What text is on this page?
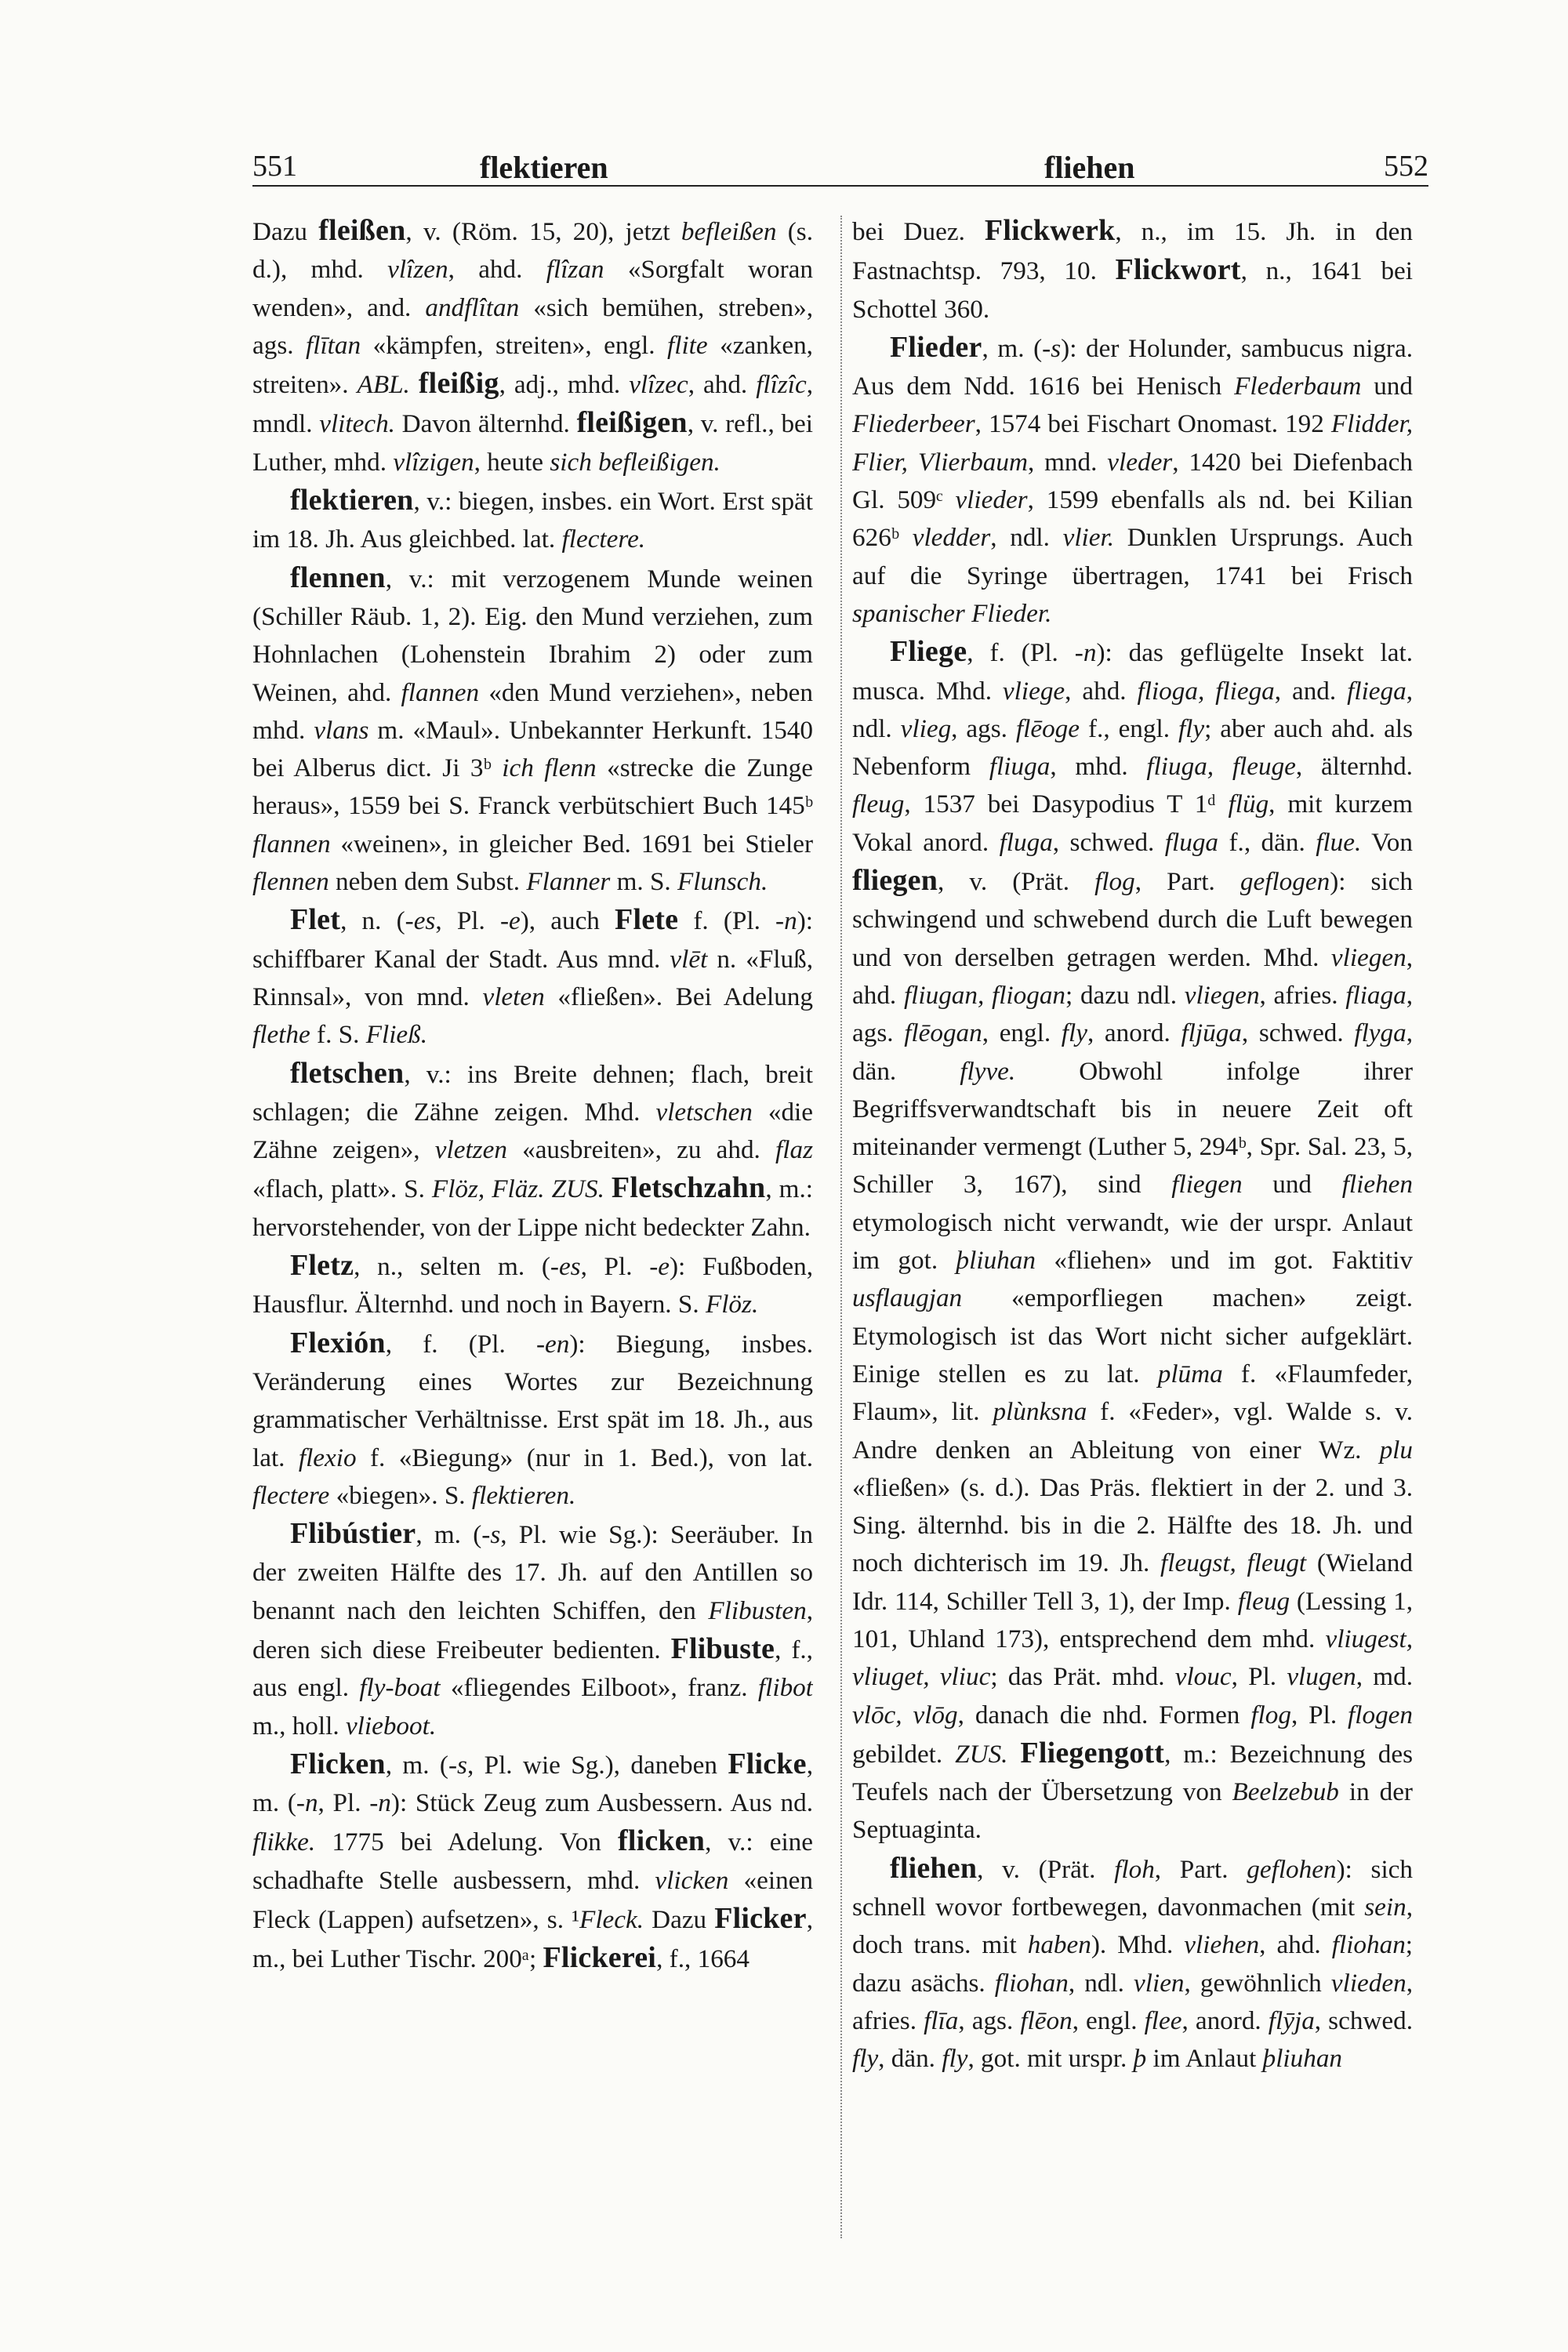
551	flektieren	fliehen	552

Dazu fleißen, v. (Röm. 15, 20), jetzt befleißen (s. d.), mhd. vlîzen, ahd. flîzan «Sorgfalt woran wenden», and. andflîtan «sich bemühen, streben», ags. flītan «kämpfen, streiten», engl. flite «zanken, streiten». ABL. fleißig, adj., mhd. vlîzec, ahd. flîzîc, mndl. vlitech. Davon älternhd. fleißigen, v. refl., bei Luther, mhd. vlîzigen, heute sich befleißigen.

flektieren, v.: biegen, insbes. ein Wort. Erst spät im 18. Jh. Aus gleichbed. lat. flectere.

flennen, v.: mit verzogenem Munde weinen (Schiller Räub. 1, 2). Eig. den Mund verziehen, zum Hohnlachen (Lohenstein Ibrahim 2) oder zum Weinen, ahd. flannen «den Mund verziehen», neben mhd. vlans m. «Maul». Unbekannter Herkunft. 1540 bei Alberus dict. Ji 3ᵇ ich flenn «strecke die Zunge heraus», 1559 bei S. Franck verbütschiert Buch 145ᵇ flannen «weinen», in gleicher Bed. 1691 bei Stieler flennen neben dem Subst. Flanner m. S. Flunsch.

Flet, n. (-es, Pl. -e), auch Flete f. (Pl. -n): schiffbarer Kanal der Stadt. Aus mnd. vlēt n. «Fluß, Rinnsal», von mnd. vleten «fließen». Bei Adelung flethe f. S. Fließ.

fletschen, v.: ins Breite dehnen; flach, breit schlagen; die Zähne zeigen. Mhd. vletschen «die Zähne zeigen», vletzen «ausbreiten», zu ahd. flaz «flach, platt». S. Flöz, Fläz. ZUS. Fletschzahn, m.: hervorstehender, von der Lippe nicht bedeckter Zahn.

Fletz, n., selten m. (-es, Pl. -e): Fußboden, Hausflur. Älternhd. und noch in Bayern. S. Flöz.

Flexión, f. (Pl. -en): Biegung, insbes. Veränderung eines Wortes zur Bezeichnung grammatischer Verhältnisse. Erst spät im 18. Jh., aus lat. flexio f. «Biegung» (nur in 1. Bed.), von lat. flectere «biegen». S. flektieren.

Flibústier, m. (-s, Pl. wie Sg.): Seeräuber. In der zweiten Hälfte des 17. Jh. auf den Antillen so benannt nach den leichten Schiffen, den Flibusten, deren sich diese Freibeuter bedienten. Flibuste, f., aus engl. fly-boat «fliegendes Eilboot», franz. flibot m., holl. vlieboot.

Flicken, m. (-s, Pl. wie Sg.), daneben Flicke, m. (-n, Pl. -n): Stück Zeug zum Ausbessern. Aus nd. flikke. 1775 bei Adelung. Von flicken, v.: eine schadhafte Stelle ausbessern, mhd. vlicken «einen Fleck (Lappen) aufsetzen», s. ¹Fleck. Dazu Flicker, m., bei Luther Tischr. 200ᵃ; Flickerei, f., 1664

bei Duez. Flickwerk, n., im 15. Jh. in den Fastnachtsp. 793, 10. Flickwort, n., 1641 bei Schottel 360.

Flieder, m. (-s): der Holunder, sambucus nigra. Aus dem Ndd. 1616 bei Henisch Flederbaum und Fliederbeer, 1574 bei Fischart Onomast. 192 Flidder, Flier, Vlierbaum, mnd. vleder, 1420 bei Diefenbach Gl. 509ᶜ vlieder, 1599 ebenfalls als nd. bei Kilian 626ᵇ vledder, ndl. vlier. Dunklen Ursprungs. Auch auf die Syringe übertragen, 1741 bei Frisch spanischer Flieder.

Fliege, f. (Pl. -n): das geflügelte Insekt lat. musca. Mhd. vliege, ahd. flioga, fliega, and. fliega, ndl. vlieg, ags. flēoge f., engl. fly; aber auch ahd. als Nebenform fliuga, mhd. fliuga, fleuge, älternhd. fleug, 1537 bei Dasypodius T 1ᵈ flüg, mit kurzem Vokal anord. fluga, schwed. fluga f., dän. flue. Von fliegen, v. (Prät. flog, Part. geflogen): sich schwingend und schwebend durch die Luft bewegen und von derselben getragen werden. Mhd. vliegen, ahd. fliugan, fliogan; dazu ndl. vliegen, afries. fliaga, ags. flēogan, engl. fly, anord. fljūga, schwed. flyga, dän. flyve. Obwohl infolge ihrer Begriffsverwandtschaft bis in neuere Zeit oft miteinander vermengt (Luther 5, 294ᵇ, Spr. Sal. 23, 5, Schiller 3, 167), sind fliegen und fliehen etymologisch nicht verwandt, wie der urspr. Anlaut im got. þliuhan «fliehen» und im got. Faktitiv usflaugjan «emporfliegen machen» zeigt. Etymologisch ist das Wort nicht sicher aufgeklärt. Einige stellen es zu lat. plūma f. «Flaumfeder, Flaum», lit. plùnksna f. «Feder», vgl. Walde s. v. Andre denken an Ableitung von einer Wz. plu «fließen» (s. d.). Das Präs. flektiert in der 2. und 3. Sing. älternhd. bis in die 2. Hälfte des 18. Jh. und noch dichterisch im 19. Jh. fleugst, fleugt (Wieland Idr. 114, Schiller Tell 3, 1), der Imp. fleug (Lessing 1, 101, Uhland 173), entsprechend dem mhd. vliugest, vliuget, vliuc; das Prät. mhd. vlouc, Pl. vlugen, md. vlōc, vlōg, danach die nhd. Formen flog, Pl. flogen gebildet. ZUS. Fliegengott, m.: Bezeichnung des Teufels nach der Übersetzung von Beelzebub in der Septuaginta.

fliehen, v. (Prät. floh, Part. geflohen): sich schnell wovor fortbewegen, davonmachen (mit sein, doch trans. mit haben). Mhd. vliehen, ahd. fliohan; dazu asächs. fliohan, ndl. vlien, gewöhnlich vlieden, afries. flīa, ags. flēon, engl. flee, anord. flȳja, schwed. fly, dän. fly, got. mit urspr. þ im Anlaut þliuhan
